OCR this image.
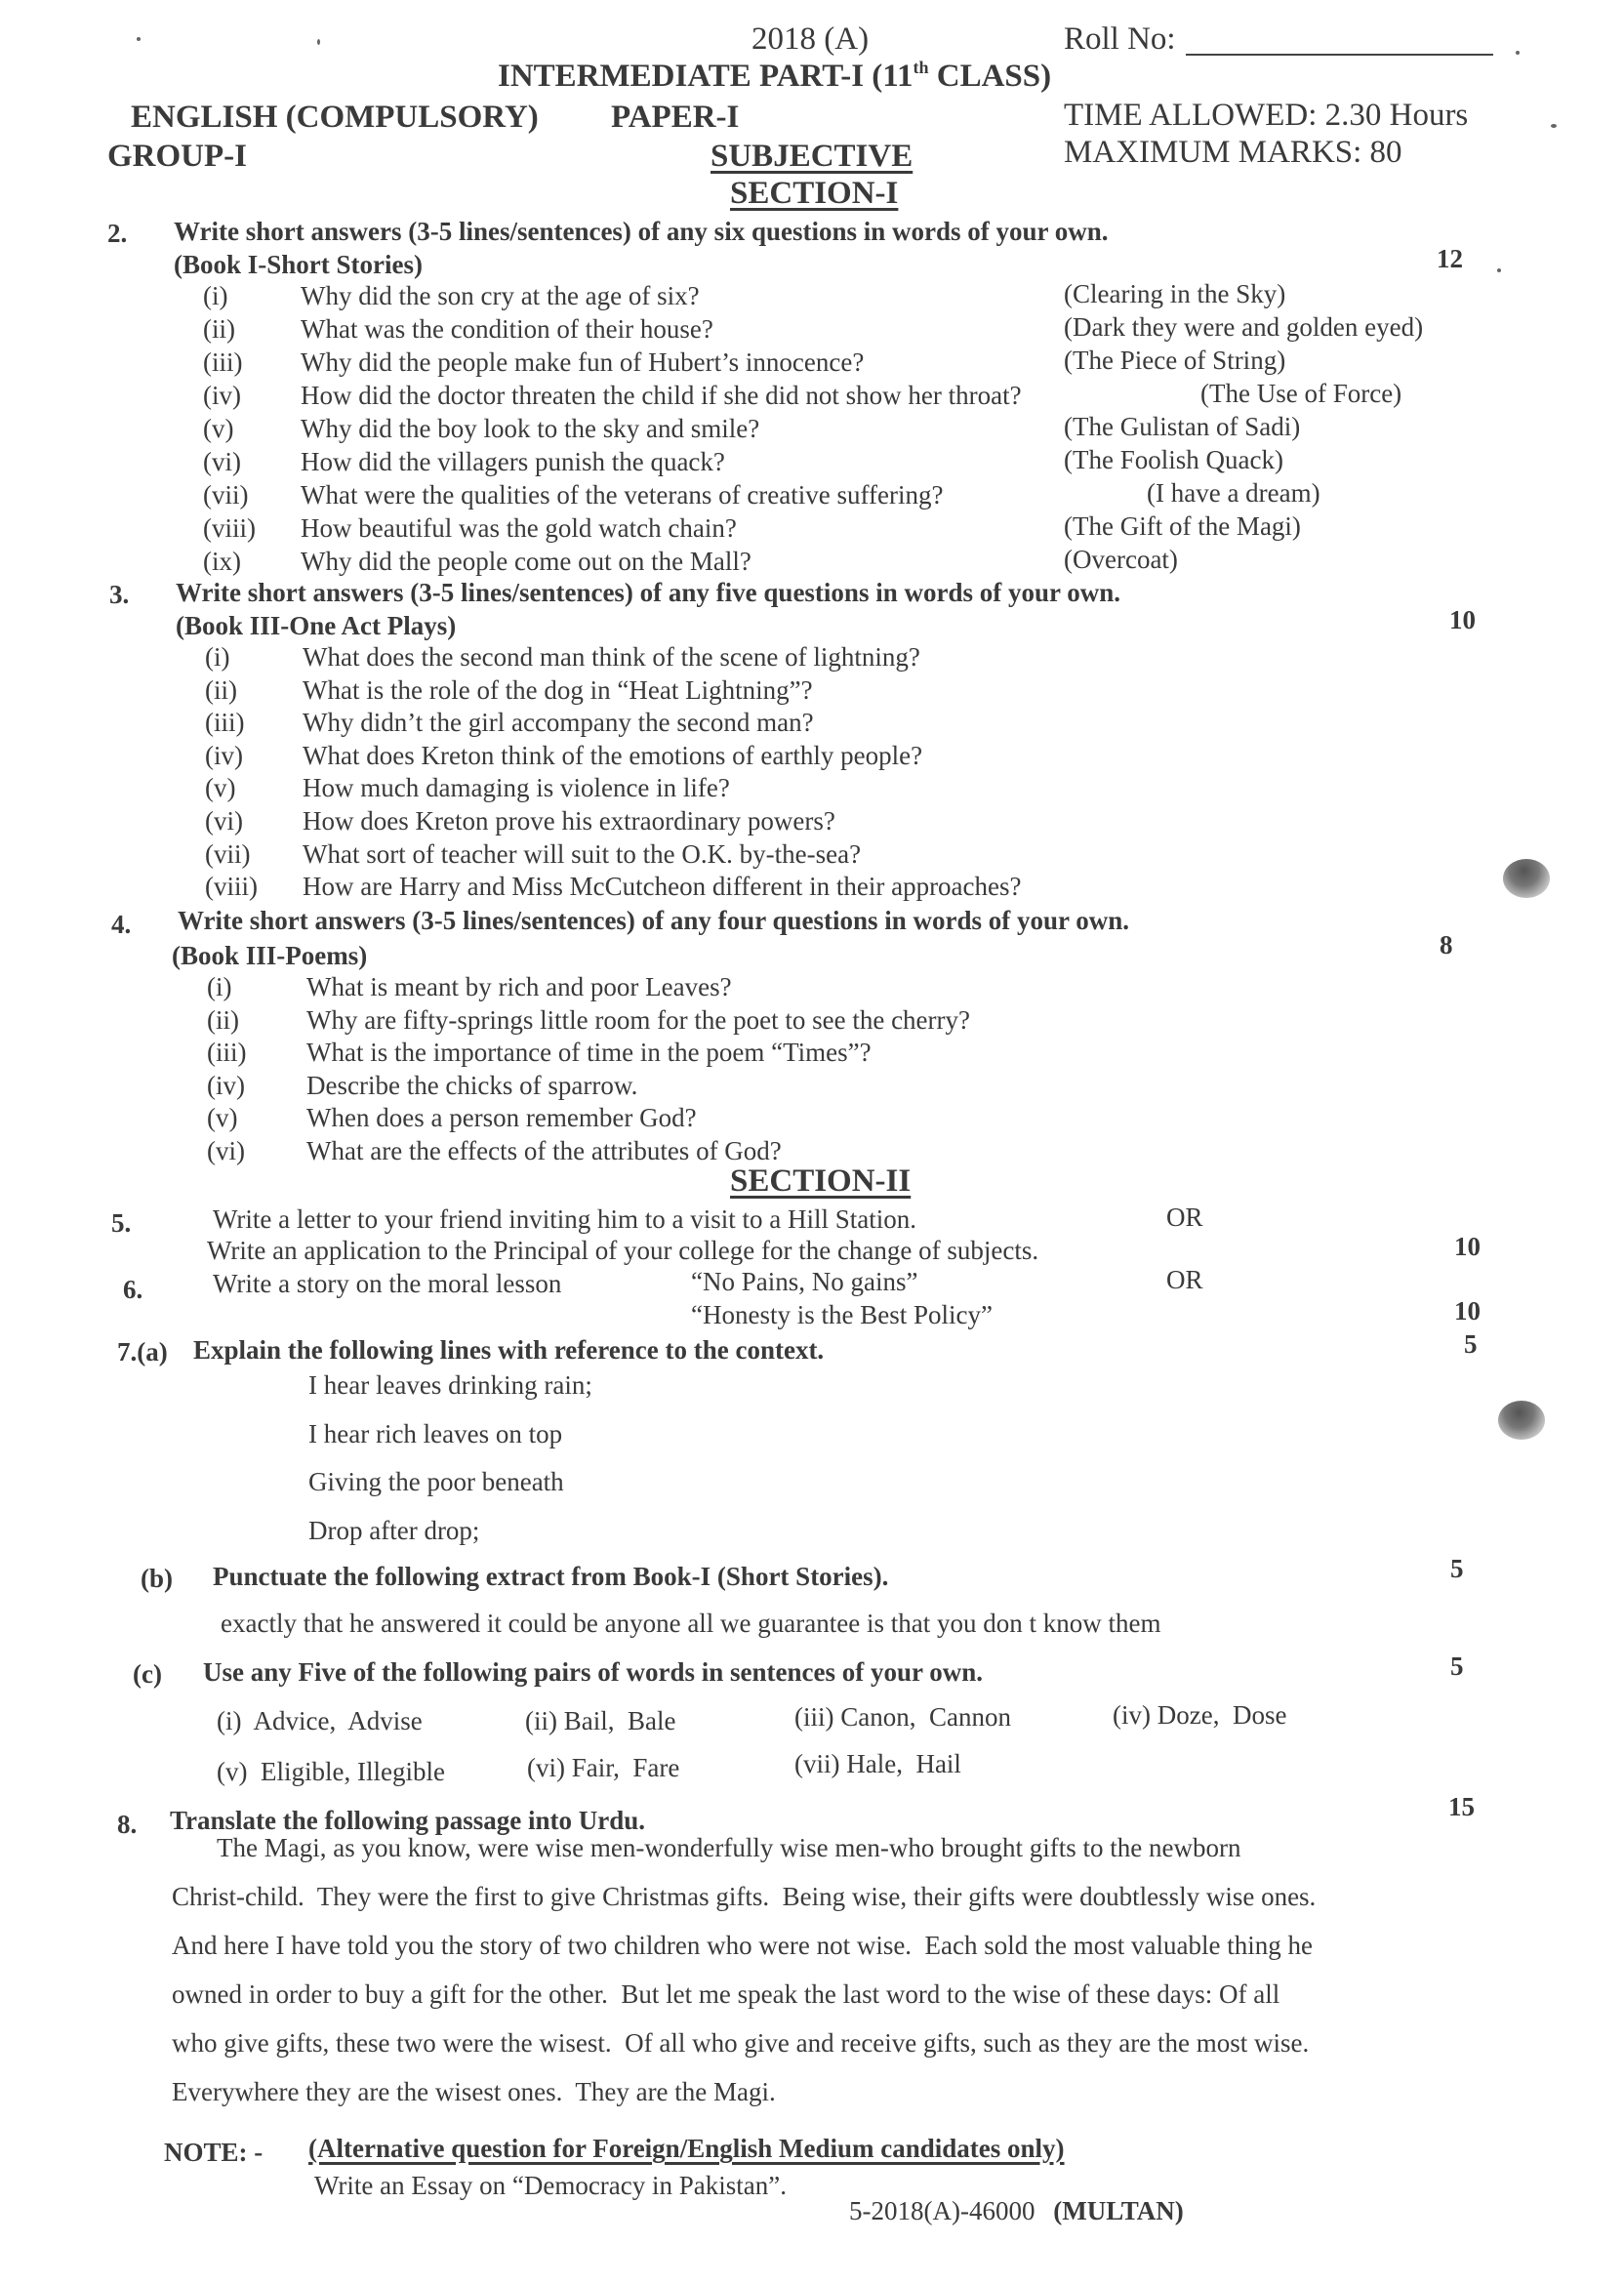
2018 (A)	Roll No:
INTERMEDIATE PART-I (11th CLASS)
ENGLISH (COMPULSORY) PAPER-I	TIME ALLOWED: 2.30 Hours
GROUP-I	SUBJECTIVE	MAXIMUM MARKS: 80
SECTION-I
2. Write short answers (3-5 lines/sentences) of any six questions in words of your own.
(Book I-Short Stories)	12
(i)	Why did the son cry at the age of six?	(Clearing in the Sky)
(ii) What was the condition of their house?	(Dark they were and golden eyed)
(iii) Why did the people make fun of Hubert’s innocence?	(The Piece of String)
(iv) How did the doctor threaten the child if she did not show her throat?	(The Use of Force)
(v)	Why did the boy look to the sky and smile?	(The Gulistan of Sadi)
(vi) How did the villagers punish the quack?	(The Foolish Quack)
(vii) What were the qualities of the veterans of creative suffering?	(I have a dream)
(viii) How beautiful was the gold watch chain?	(The Gift of the Magi)
(ix) Why did the people come out on the Mall?	(Overcoat)
3. Write short answers (3-5 lines/sentences) of any five questions in words of your own.
(Book III-One Act Plays)	10
(i)	What does the second man think of the scene of lightning?
(ii) What is the role of the dog in “Heat Lightning”?
(iii) Why didn’t the girl accompany the second man?
(iv) What does Kreton think of the emotions of earthly people?
(v)	How much damaging is violence in life?
(vi) How does Kreton prove his extraordinary powers?
(vii) What sort of teacher will suit to the O.K. by-the-sea?
(viii) How are Harry and Miss McCutcheon different in their approaches?
4. Write short answers (3-5 lines/sentences) of any four questions in words of your own.
(Book III-Poems)	8
(i)	What is meant by rich and poor Leaves?
(ii)	Why are fifty-springs little room for the poet to see the cherry?
(iii) What is the importance of time in the poem “Times”?
(iv) Describe the chicks of sparrow.
(v)	When does a person remember God?
(vi) What are the effects of the attributes of God?
SECTION-II
5.	Write a letter to your friend inviting him to a visit to a Hill Station.	OR
Write an application to the Principal of your college for the change of subjects.	10
6.	Write a story on the moral lesson	“No Pains, No gains”	OR
“Honesty is the Best Policy”	10
7.(a) Explain the following lines with reference to the context.	5
I hear leaves drinking rain;
I hear rich leaves on top
Giving the poor beneath
Drop after drop;
(b) Punctuate the following extract from Book-I (Short Stories).	5
exactly that he answered it could be anyone all we guarantee is that you don t know them
(c) Use any Five of the following pairs of words in sentences of your own.	5
(i)  Advice,  Advise	(ii) Bail,  Bale	(iii) Canon,  Cannon	(iv) Doze,  Dose
(v)  Eligible, Illegible	(vi) Fair,  Fare	(vii) Hale,  Hail
8. Translate the following passage into Urdu.	15
The Magi, as you know, were wise men-wonderfully wise men-who brought gifts to the newborn
Christ-child.  They were the first to give Christmas gifts.  Being wise, their gifts were doubtlessly wise ones.
And here I have told you the story of two children who were not wise.  Each sold the most valuable thing he
owned in order to buy a gift for the other.  But let me speak the last word to the wise of these days: Of all
who give gifts, these two were the wisest.  Of all who give and receive gifts, such as they are the most wise.
Everywhere they are the wisest ones.  They are the Magi.
NOTE: - (Alternative question for Foreign/English Medium candidates only)
Write an Essay on “Democracy in Pakistan”.
5-2018(A)-46000 (MULTAN)
